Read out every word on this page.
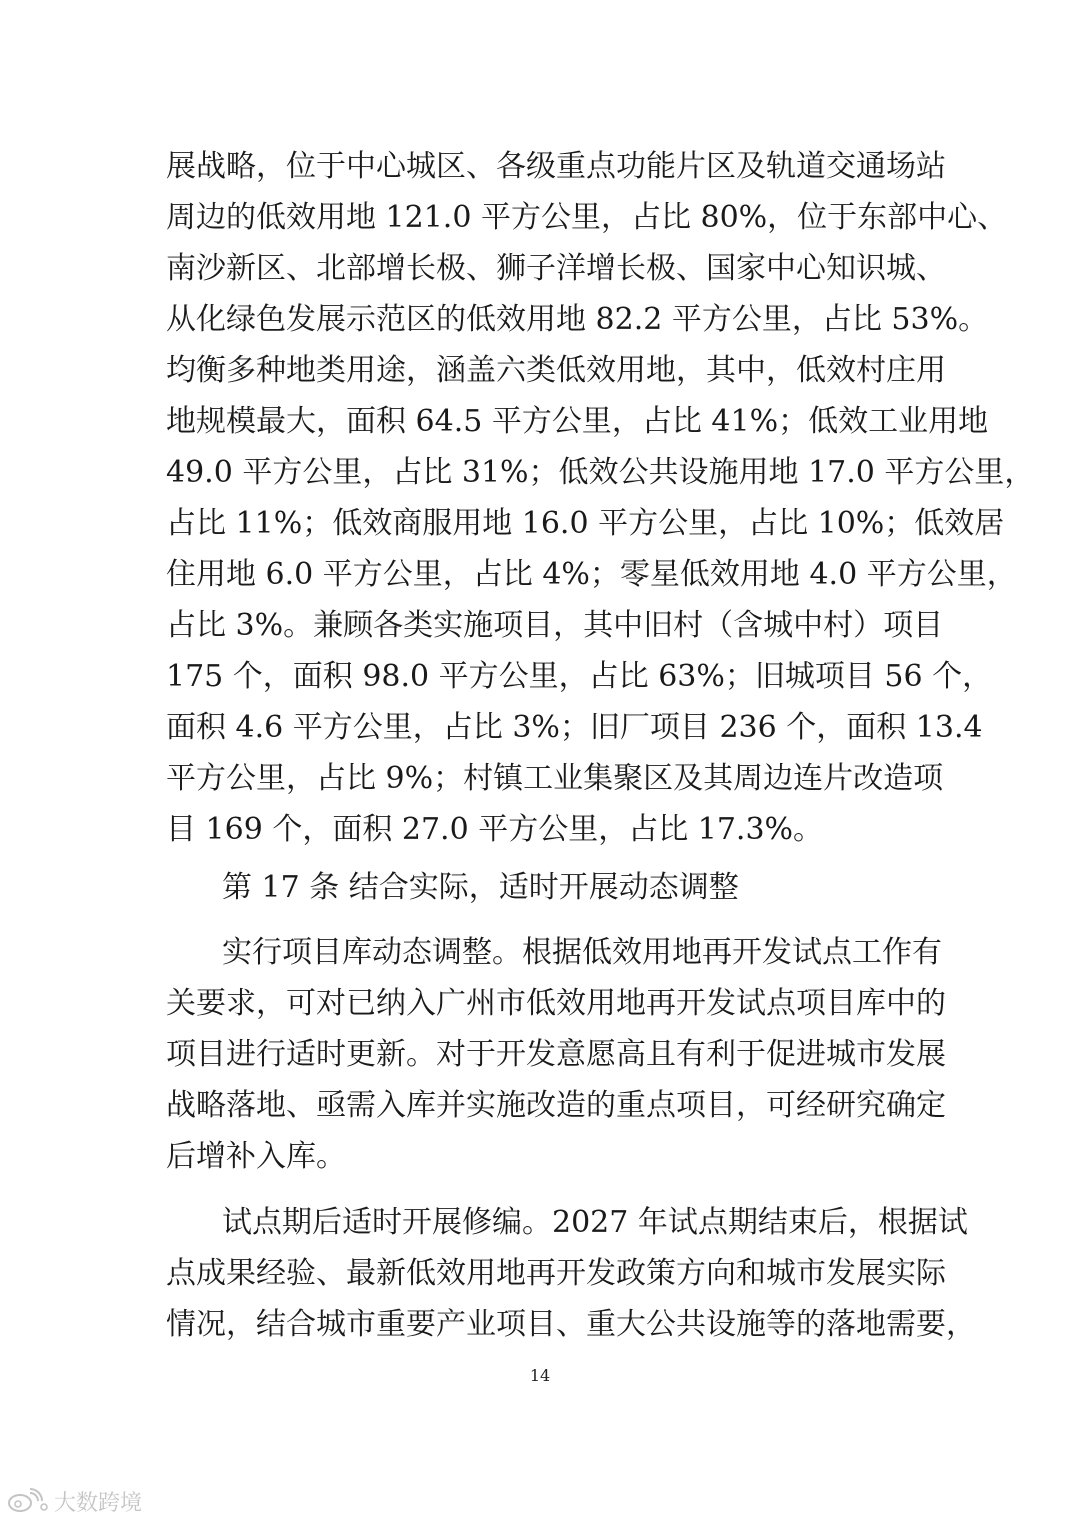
展战略，位于中心城区、各级重点功能片区及轨道交通场站
周边的低效用地 121.0 平方公里，占比 80%，位于东部中心、
南沙新区、北部增长极、狮子洋增长极、国家中心知识城、
从化绿色发展示范区的低效用地 82.2 平方公里，占比 53%。
均衡多种地类用途，涵盖六类低效用地，其中，低效村庄用
地规模最大，面积 64.5 平方公里，占比 41%；低效工业用地
49.0 平方公里，占比 31%；低效公共设施用地 17.0 平方公里，
占比 11%；低效商服用地 16.0 平方公里，占比 10%；低效居
住用地 6.0 平方公里，占比 4%；零星低效用地 4.0 平方公里，
占比 3%。兼顾各类实施项目，其中旧村（含城中村）项目
175 个，面积 98.0 平方公里，占比 63%；旧城项目 56 个，
面积 4.6 平方公里，占比 3%；旧厂项目 236 个，面积 13.4
平方公里，占比 9%；村镇工业集聚区及其周边连片改造项
目 169 个，面积 27.0 平方公里，占比 17.3%。
第 17 条 结合实际，适时开展动态调整
实行项目库动态调整。根据低效用地再开发试点工作有
关要求，可对已纳入广州市低效用地再开发试点项目库中的
项目进行适时更新。对于开发意愿高且有利于促进城市发展
战略落地、亟需入库并实施改造的重点项目，可经研究确定
后增补入库。
试点期后适时开展修编。2027 年试点期结束后，根据试
点成果经验、最新低效用地再开发政策方向和城市发展实际
情况，结合城市重要产业项目、重大公共设施等的落地需要，
14
大数跨境
